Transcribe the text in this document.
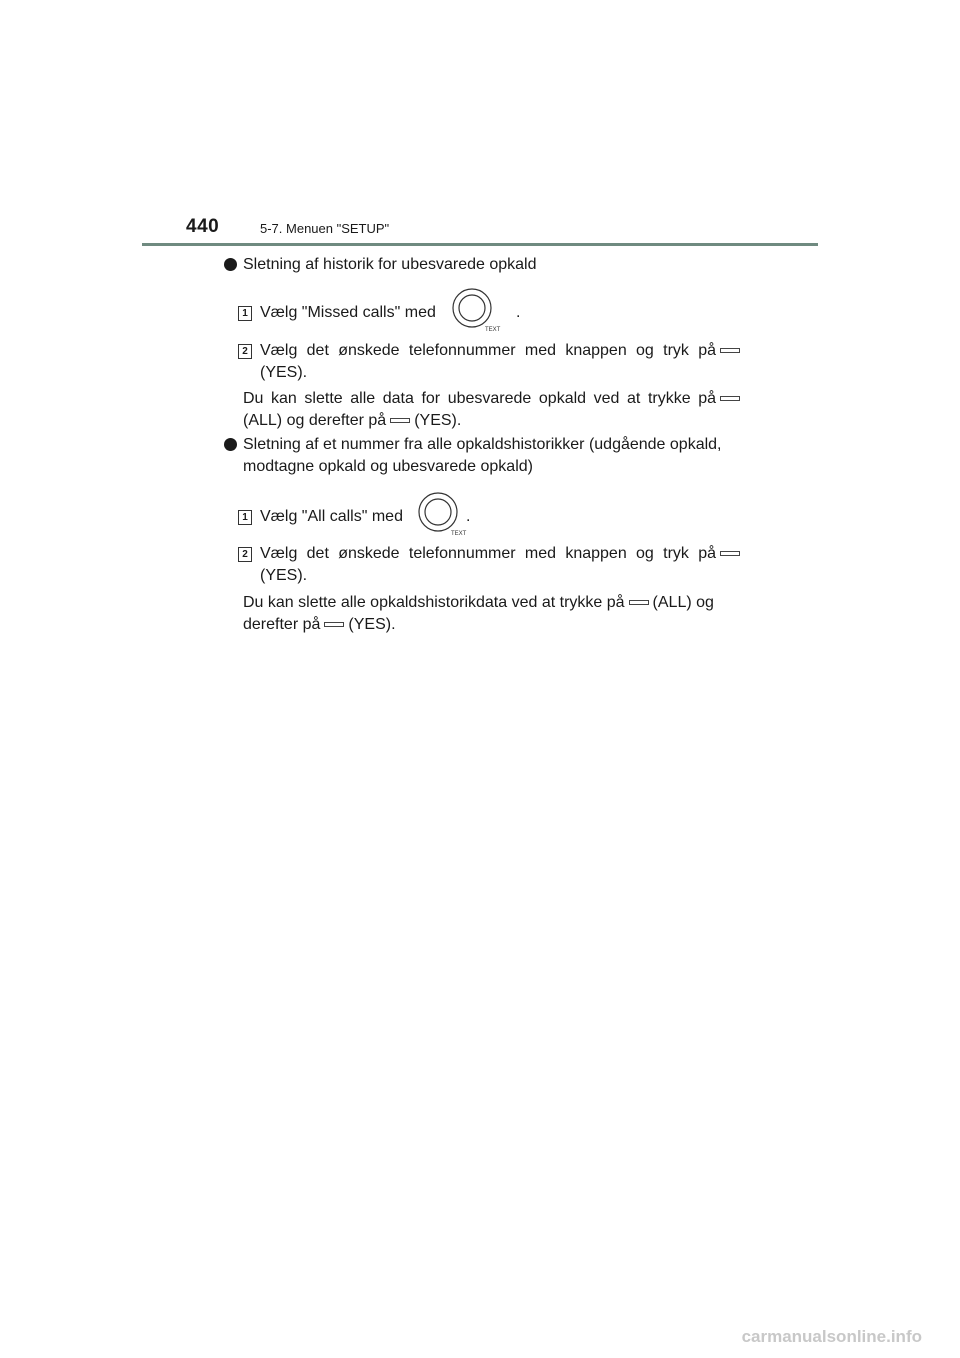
440	5-7. Menuen "SETUP"
Sletning af historik for ubesvarede opkald
1 Vælg "Missed calls" med
TEXT
.
2 Vælg det ønskede telefonnummer med knappen og tryk på
(YES).
Du kan slette alle data for ubesvarede opkald ved at trykke på
(ALL) og derefter på (YES).
Sletning af et nummer fra alle opkaldshistorikker (udgående opkald,
modtagne opkald og ubesvarede opkald)
1 Vælg "All calls" med
TEXT
.
2 Vælg det ønskede telefonnummer med knappen og tryk på
(YES).
Du kan slette alle opkaldshistorikdata ved at trykke på (ALL) og
derefter på (YES).
carmanualsonline.info
